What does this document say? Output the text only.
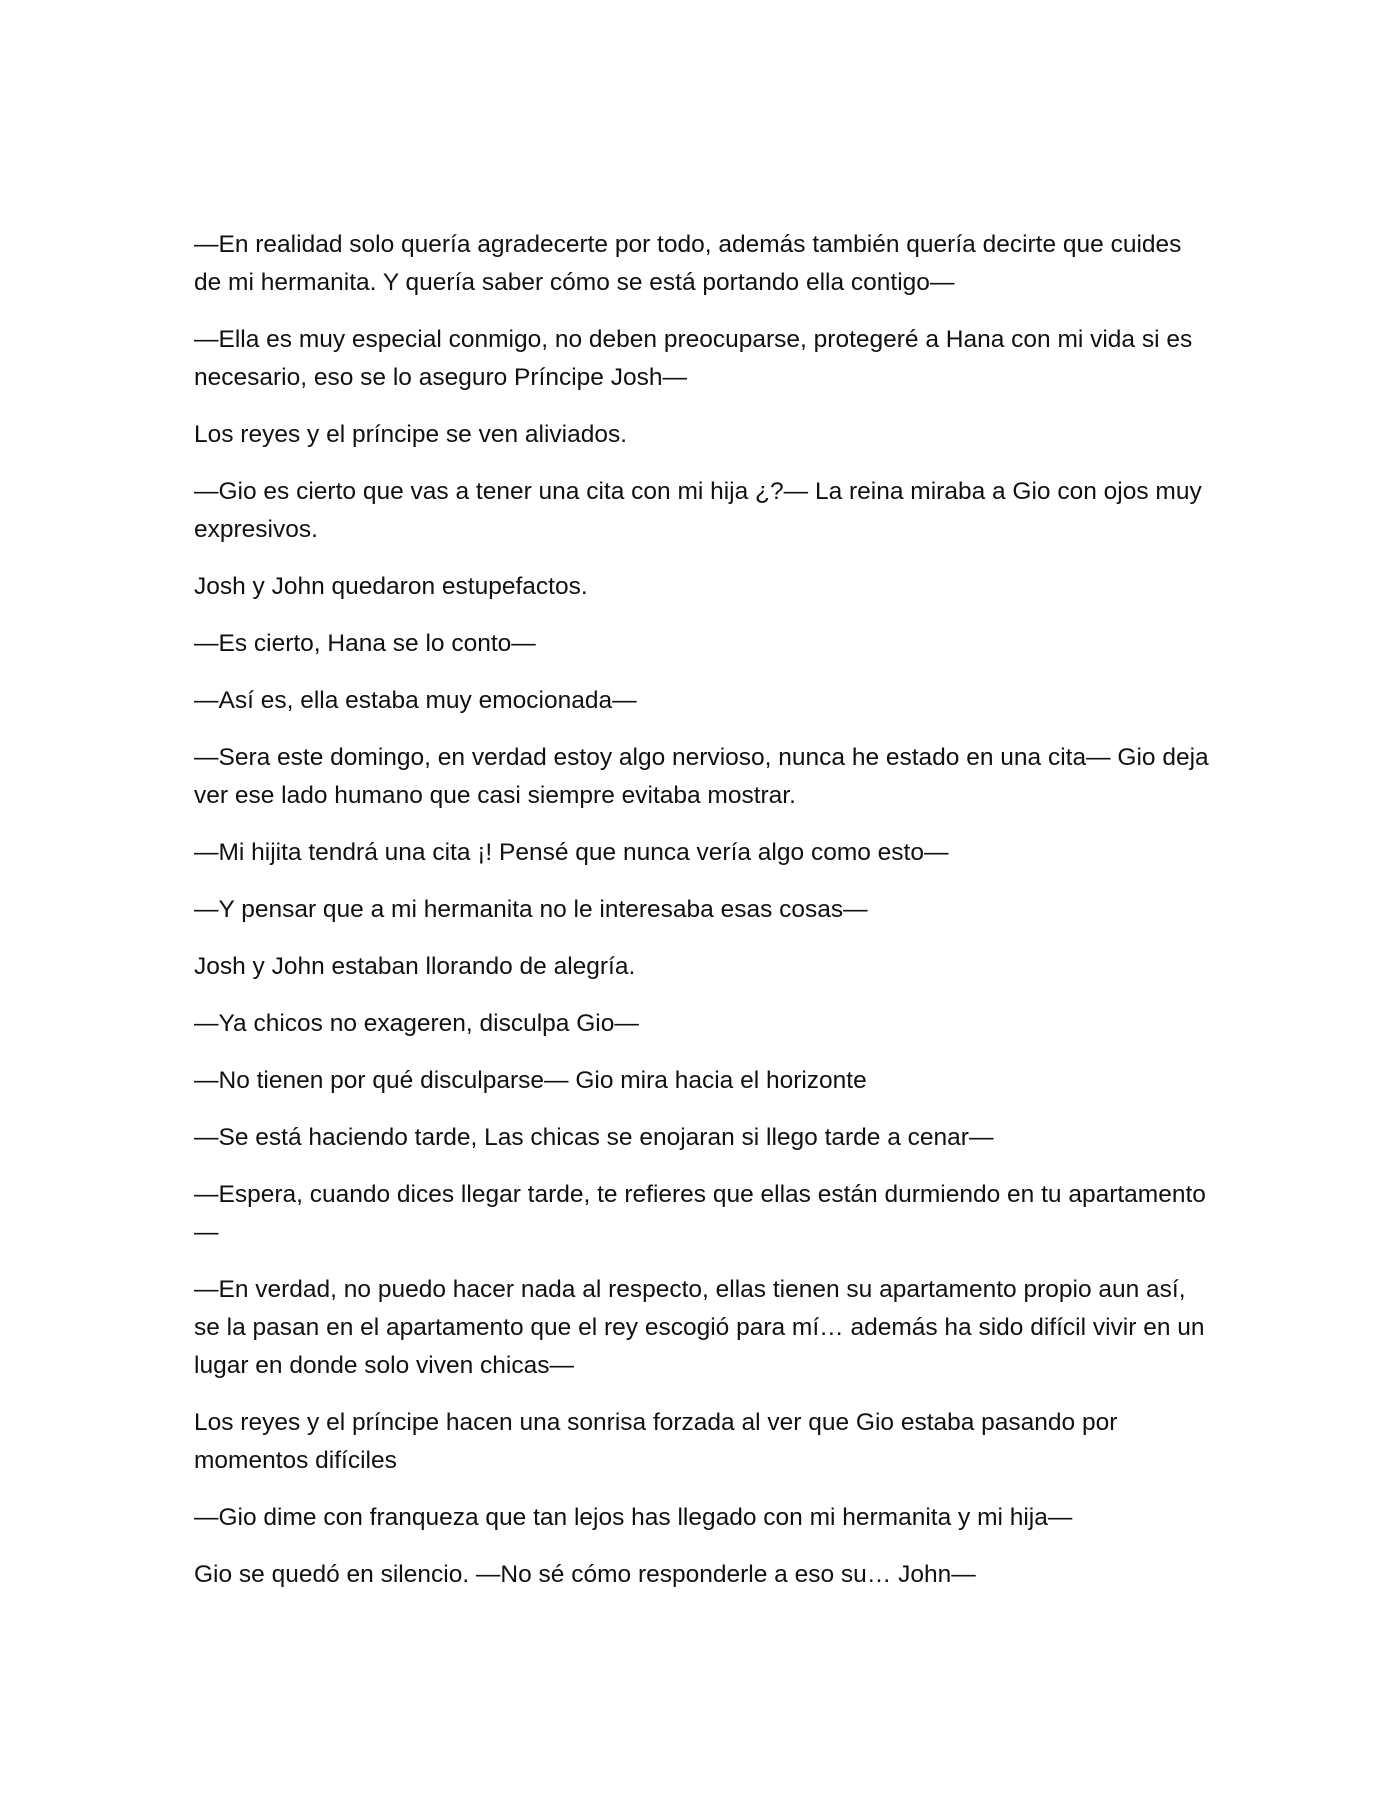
—En realidad solo quería agradecerte por todo, además también quería decirte que cuides de mi hermanita. Y quería saber cómo se está portando ella contigo—

—Ella es muy especial conmigo, no deben preocuparse, protegeré a Hana con mi vida si es necesario, eso se lo aseguro Príncipe Josh—

Los reyes y el príncipe se ven aliviados.

—Gio es cierto que vas a tener una cita con mi hija ¿?— La reina miraba a Gio con ojos muy expresivos.

Josh y John quedaron estupefactos.

—Es cierto, Hana se lo conto—

—Así es, ella estaba muy emocionada—

—Sera este domingo, en verdad estoy algo nervioso, nunca he estado en una cita— Gio deja ver ese lado humano que casi siempre evitaba mostrar.

—Mi hijita tendrá una cita ¡! Pensé que nunca vería algo como esto—

—Y pensar que a mi hermanita no le interesaba esas cosas—

Josh y John estaban llorando de alegría.

—Ya chicos no exageren, disculpa Gio—

—No tienen por qué disculparse— Gio mira hacia el horizonte

—Se está haciendo tarde, Las chicas se enojaran si llego tarde a cenar—

—Espera, cuando dices llegar tarde, te refieres que ellas están durmiendo en tu apartamento—

—En verdad, no puedo hacer nada al respecto, ellas tienen su apartamento propio aun así, se la pasan en el apartamento que el rey escogió para mí… además ha sido difícil vivir en un lugar en donde solo viven chicas—

Los reyes y el príncipe hacen una sonrisa forzada al ver que Gio estaba pasando por momentos difíciles

—Gio dime con franqueza que tan lejos has llegado con mi hermanita y mi hija—

Gio se quedó en silencio. —No sé cómo responderle a eso su… John—
